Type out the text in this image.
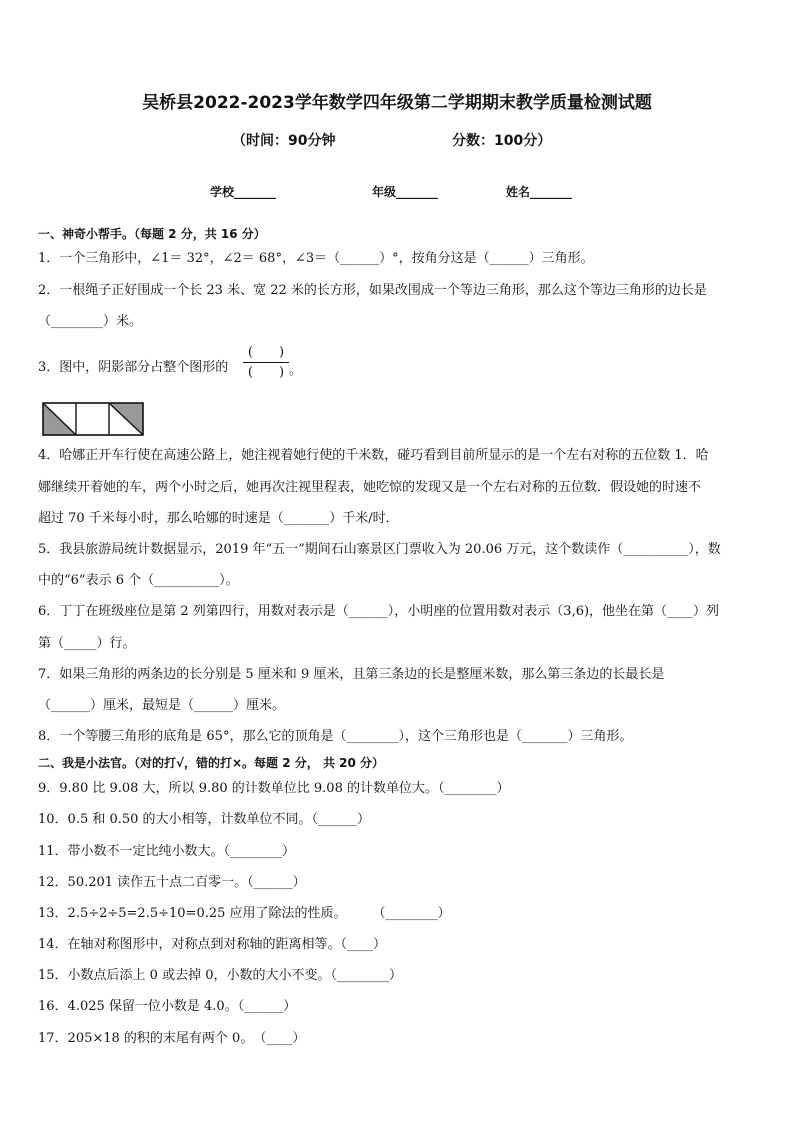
吴桥县2022-2023学年数学四年级第二学期期末教学质量检测试题
（时间：90分钟	分数：100分）
学校_______	年级_______	姓名_______
一、神奇小帮手。（每题 2 分，共 16 分）
1．一个三角形中，∠1＝ 32°，∠2＝ 68°，∠3＝（______）°，按角分这是（______）三角形。
2．一根绳子正好围成一个长 23 米、宽 22 米的长方形，如果改围成一个等边三角形，那么这个等边三角形的边长是
（________）米。
3．图中，阴影部分占整个图形的
(　　)
(　　) 。
4．哈娜正开车行使在高速公路上，她注视着她行使的千米数，碰巧看到目前所显示的是一个左右对称的五位数 1．哈
娜继续开着她的车，两个小时之后，她再次注视里程表，她吃惊的发现又是一个左右对称的五位数．假设她的时速不
超过 70 千米每小时，那么哈娜的时速是（_______）千米/时．
5．我县旅游局统计数据显示，2019 年“五一”期间石山寨景区门票收入为 20.06 万元，这个数读作（__________），数
中的“6”表示 6 个（__________）。
6．丁丁在班级座位是第 2 列第四行，用数对表示是（______），小明座的位置用数对表示（3,6)，他坐在第（____）列
第（_____）行。
7．如果三角形的两条边的长分别是 5 厘米和 9 厘米，且第三条边的长是整厘米数，那么第三条边的长最长是
（______）厘米，最短是（______）厘米。
8．一个等腰三角形的底角是 65°，那么它的顶角是（________），这个三角形也是（_______）三角形。
二、我是小法官。（对的打√，错的打×。每题 2 分， 共 20 分）
9．9.80 比 9.08 大，所以 9.80 的计数单位比 9.08 的计数单位大。（________）
10．0.5 和 0.50 的大小相等，计数单位不同。（______）
11．带小数不一定比纯小数大。（________）
12．50.201 读作五十点二百零一。（______）
13．2.5÷2÷5=2.5÷10=0.25 应用了除法的性质。　　　（________）
14．在轴对称图形中，对称点到对称轴的距离相等。（____）
15．小数点后添上 0 或去掉 0，小数的大小不变。（________）
16．4.025 保留一位小数是 4.0。（______）
17．205×18 的积的末尾有两个 0。　（____）
